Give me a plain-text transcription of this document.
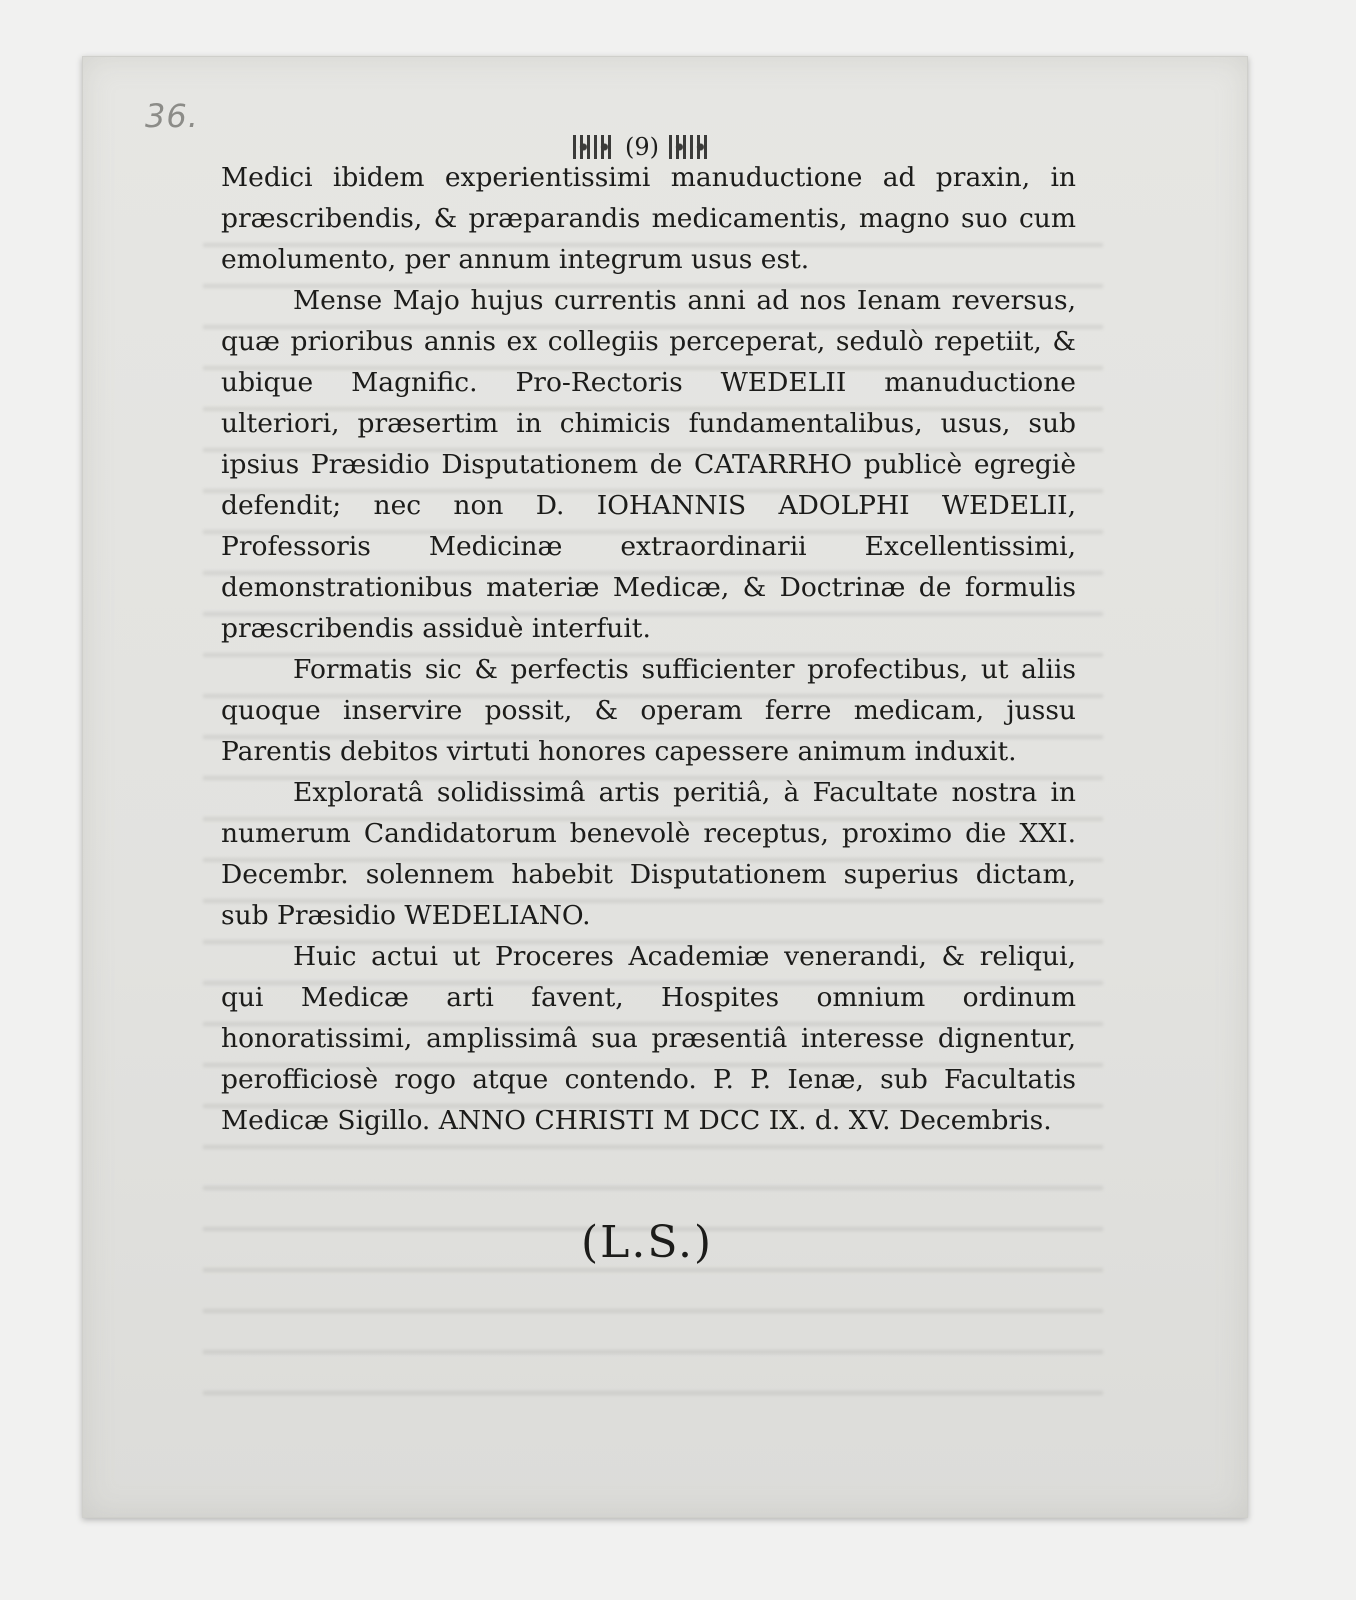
36.
(9)

Medici ibidem experientissimi manuductione ad praxin, in præscribendis, & præparandis medicamentis, magno suo cum emolumento, per annum integrum usus est.

Mense Majo hujus currentis anni ad nos Ienam reversus, quæ prioribus annis ex collegiis perceperat, sedulò repetiit, & ubique Magnific. Pro-Rectoris WEDELII manuductione ulteriori, præsertim in chimicis fundamentalibus, usus, sub ipsius Præsidio Disputationem de CATARRHO publicè egregiè defendit; nec non D. IOHANNIS ADOLPHI WEDELII, Professoris Medicinæ extraordinarii Excellentissimi, demonstrationibus materiæ Medicæ, & Doctrinæ de formulis præscribendis assiduè interfuit.

Formatis sic & perfectis sufficienter profectibus, ut aliis quoque inservire possit, & operam ferre medicam, jussu Parentis debitos virtuti honores capessere animum induxit.

Exploratâ solidissimâ artis peritiâ, à Facultate nostra in numerum Candidatorum benevolè receptus, proximo die XXI. Decembr. solennem habebit Disputationem superius dictam, sub Præsidio WEDELIANO.

Huic actui ut Proceres Academiæ venerandi, & reliqui, qui Medicæ arti favent, Hospites omnium ordinum honoratissimi, amplissimâ sua præsentiâ interesse dignentur, perofficiosè rogo atque contendo. P. P. Ienæ, sub Facultatis Medicæ Sigillo. ANNO CHRISTI M DCC IX. d. XV. Decembris.

(L.S.)
